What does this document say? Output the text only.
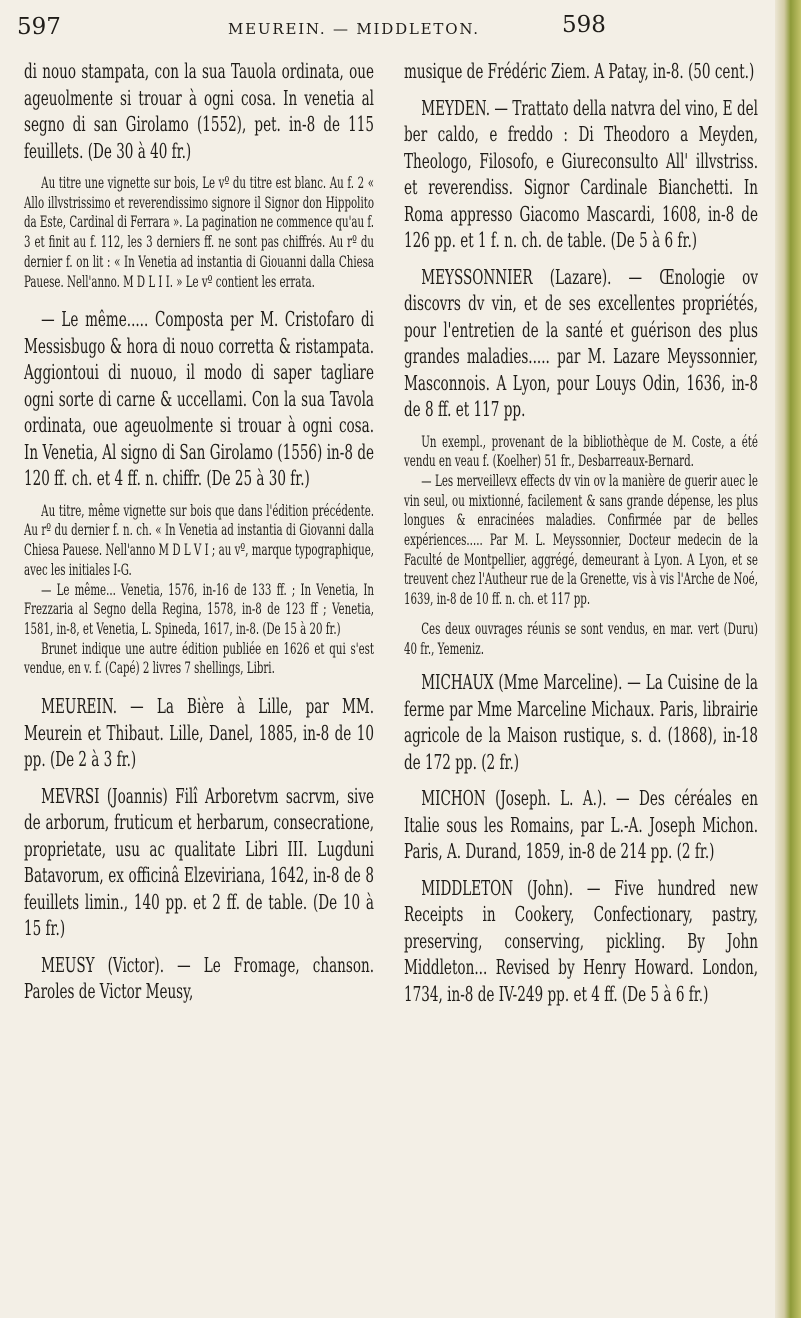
597	MEUREIN. — MIDDLETON.	598

di nouo stampata, con la sua Tauola ordinata, oue ageuolmente si trouar à ogni cosa. In venetia al segno di san Girolamo (1552), pet. in-8 de 115 feuillets. (De 30 à 40 fr.)

Au titre une vignette sur bois, Le vº du titre est blanc. Au f. 2 « Allo illvstrissimo et reverendissimo signore il Signor don Hippolito da Este, Cardinal di Ferrara ». La pagination ne commence qu'au f. 3 et finit au f. 112, les 3 derniers ff. ne sont pas chiffrés. Au rº du dernier f. on lit : « In Venetia ad instantia di Giouanni dalla Chiesa Pauese. Nell'anno. M D L I I. » Le vº contient les errata.

— Le même..... Composta per M. Cristofaro di Messisbugo & hora di nouo corretta & ristampata. Aggiontoui di nuouo, il modo di saper tagliare ogni sorte di carne & uccellami. Con la sua Tavola ordinata, oue ageuolmente si trouar à ogni cosa. In Venetia, Al signo di San Girolamo (1556) in-8 de 120 ff. ch. et 4 ff. n. chiffr. (De 25 à 30 fr.)

Au titre, même vignette sur bois que dans l'édition précédente. Au rº du dernier f. n. ch. « In Venetia ad instantia di Giovanni dalla Chiesa Pauese. Nell'anno M D L V I ; au vº, marque typographique, avec les initiales I-G.

— Le même... Venetia, 1576, in-16 de 133 ff. ; In Venetia, In Frezzaria al Segno della Regina, 1578, in-8 de 123 ff ; Venetia, 1581, in-8, et Venetia, L. Spineda, 1617, in-8. (De 15 à 20 fr.)

Brunet indique une autre édition publiée en 1626 et qui s'est vendue, en v. f. (Capé) 2 livres 7 shellings, Libri.

MEUREIN. — La Bière à Lille, par MM. Meurein et Thibaut. Lille, Danel, 1885, in-8 de 10 pp. (De 2 à 3 fr.)

MEVRSI (Joannis) Filî Arboretvm sacrvm, sive de arborum, fruticum et herbarum, consecratione, proprietate, usu ac qualitate Libri III. Lugduni Batavorum, ex officinâ Elzeviriana, 1642, in-8 de 8 feuillets limin., 140 pp. et 2 ff. de table. (De 10 à 15 fr.)

MEUSY (Victor). — Le Fromage, chanson. Paroles de Victor Meusy,

musique de Frédéric Ziem. A Patay, in-8. (50 cent.)

MEYDEN. — Trattato della natvra del vino, E del ber caldo, e freddo : Di Theodoro a Meyden, Theologo, Filosofo, e Giureconsulto All' illvstriss. et reverendiss. Signor Cardinale Bianchetti. In Roma appresso Giacomo Mascardi, 1608, in-8 de 126 pp. et 1 f. n. ch. de table. (De 5 à 6 fr.)

MEYSSONNIER (Lazare). — Œnologie ov discovrs dv vin, et de ses excellentes propriétés, pour l'entretien de la santé et guérison des plus grandes maladies..... par M. Lazare Meyssonnier, Masconnois. A Lyon, pour Louys Odin, 1636, in-8 de 8 ff. et 117 pp.

Un exempl., provenant de la bibliothèque de M. Coste, a été vendu en veau f. (Koelher) 51 fr., Desbarreaux-Bernard.

— Les merveillevx effects dv vin ov la manière de guerir auec le vin seul, ou mixtionné, facilement & sans grande dépense, les plus longues & enracinées maladies. Confirmée par de belles expériences..... Par M. L. Meyssonnier, Docteur medecin de la Faculté de Montpellier, aggrégé, demeurant à Lyon. A Lyon, et se treuvent chez l'Autheur rue de la Grenette, vis à vis l'Arche de Noé, 1639, in-8 de 10 ff. n. ch. et 117 pp.

Ces deux ouvrages réunis se sont vendus, en mar. vert (Duru) 40 fr., Yemeniz.

MICHAUX (Mme Marceline). — La Cuisine de la ferme par Mme Marceline Michaux. Paris, librairie agricole de la Maison rustique, s. d. (1868), in-18 de 172 pp. (2 fr.)

MICHON (Joseph. L. A.). — Des céréales en Italie sous les Romains, par L.-A. Joseph Michon. Paris, A. Durand, 1859, in-8 de 214 pp. (2 fr.)

MIDDLETON (John). — Five hundred new Receipts in Cookery, Confectionary, pastry, preserving, conserving, pickling. By John Middleton... Revised by Henry Howard. London, 1734, in-8 de IV-249 pp. et 4 ff. (De 5 à 6 fr.)
